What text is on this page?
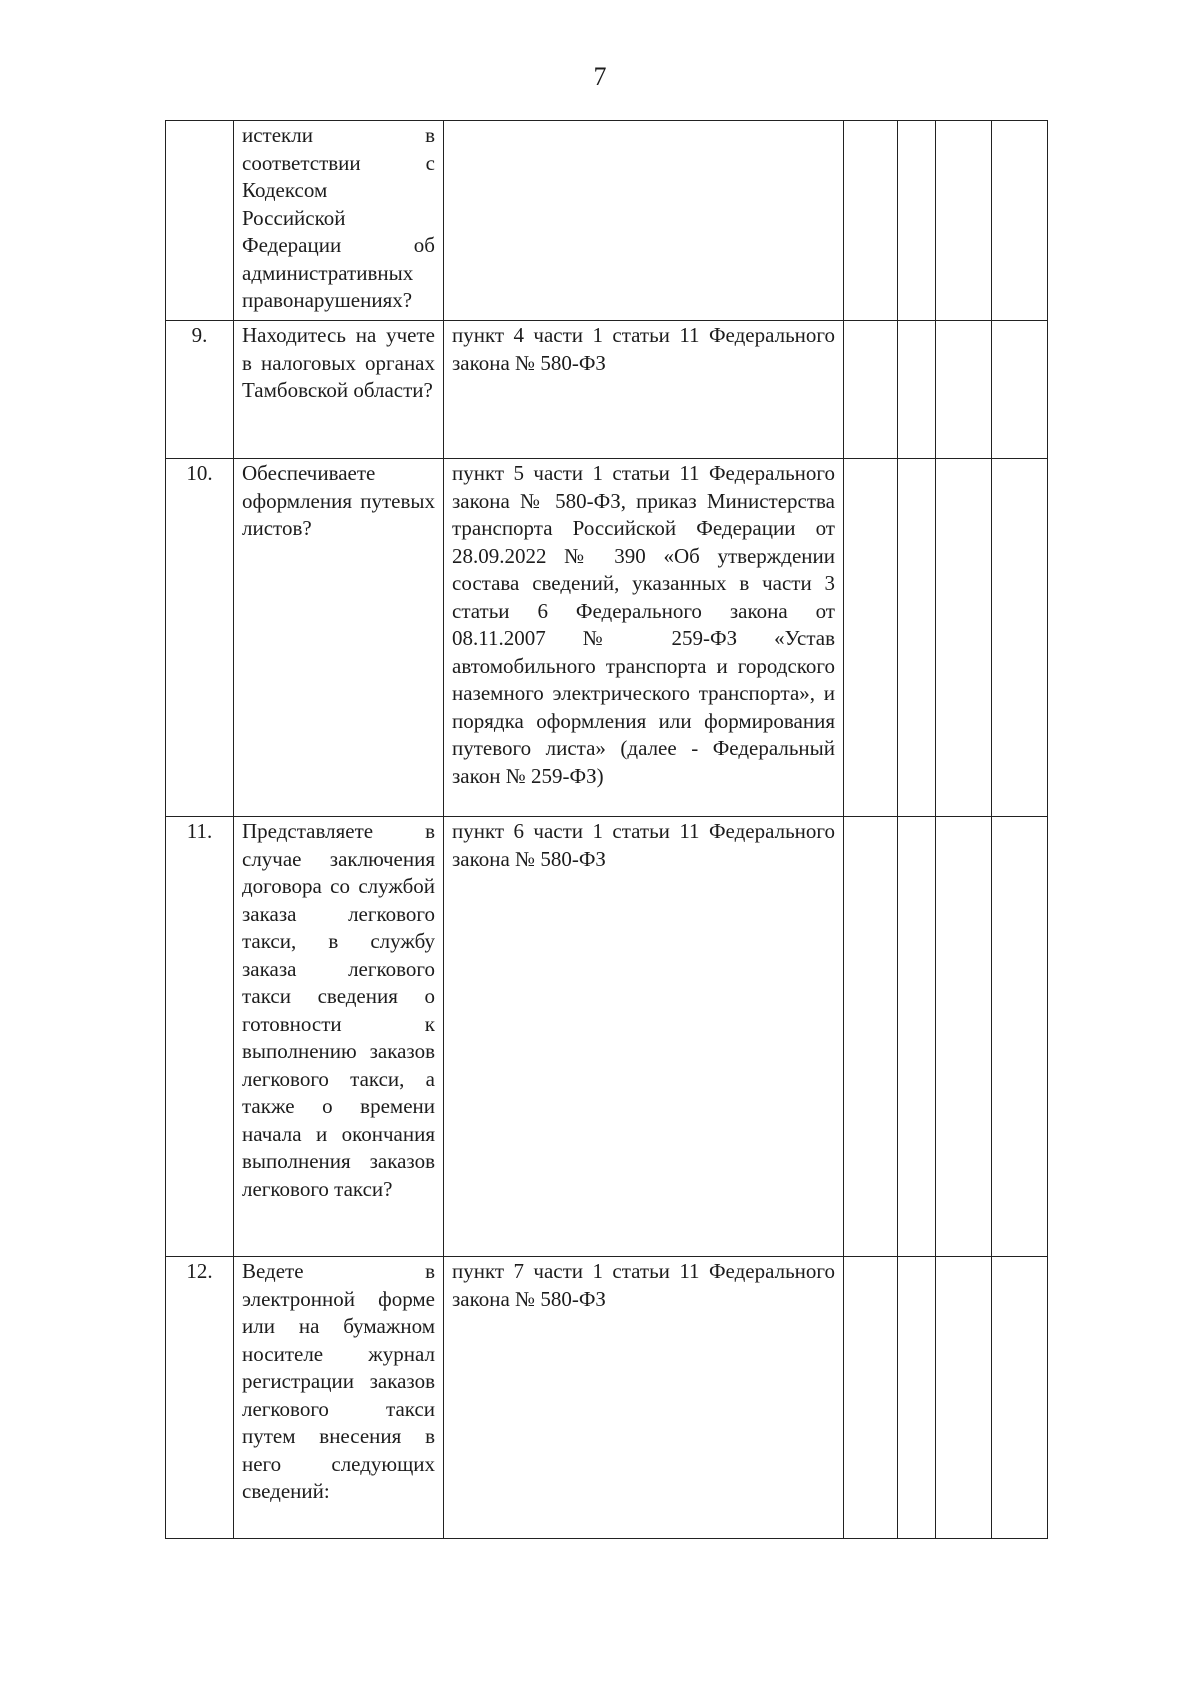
7

	истекли в соответствии с Кодексом Российской Федерации об административных правонарушениях?					

9.	Находитесь на учете в налоговых органах Тамбовской области?	пункт 4 части 1 статьи 11 Федерального закона № 580-ФЗ				
10.	Обеспечиваете оформления путевых листов?	пункт 5 части 1 статьи 11 Федерального закона № 580-ФЗ, приказ Министерства транспорта Российской Федерации от 28.09.2022 № 390 «Об утверждении состава сведений, указанных в части 3 статьи 6 Федерального закона от 08.11.2007 № 259-ФЗ «Устав автомобильного транспорта и городского наземного электрического транспорта», и порядка оформления или формирования путевого листа» (далее - Федеральный закон № 259-ФЗ)				
11.	Представляете в случае заключения договора со службой заказа легкового такси, в службу заказа легкового такси сведения о готовности к выполнению заказов легкового такси, а также о времени начала и окончания выполнения заказов легкового такси?	пункт 6 части 1 статьи 11 Федерального закона № 580-ФЗ				
12.	Ведете в электронной форме или на бумажном носителе журнал регистрации заказов легкового такси путем внесения в него следующих сведений:	пункт 7 части 1 статьи 11 Федерального закона № 580-ФЗ				
